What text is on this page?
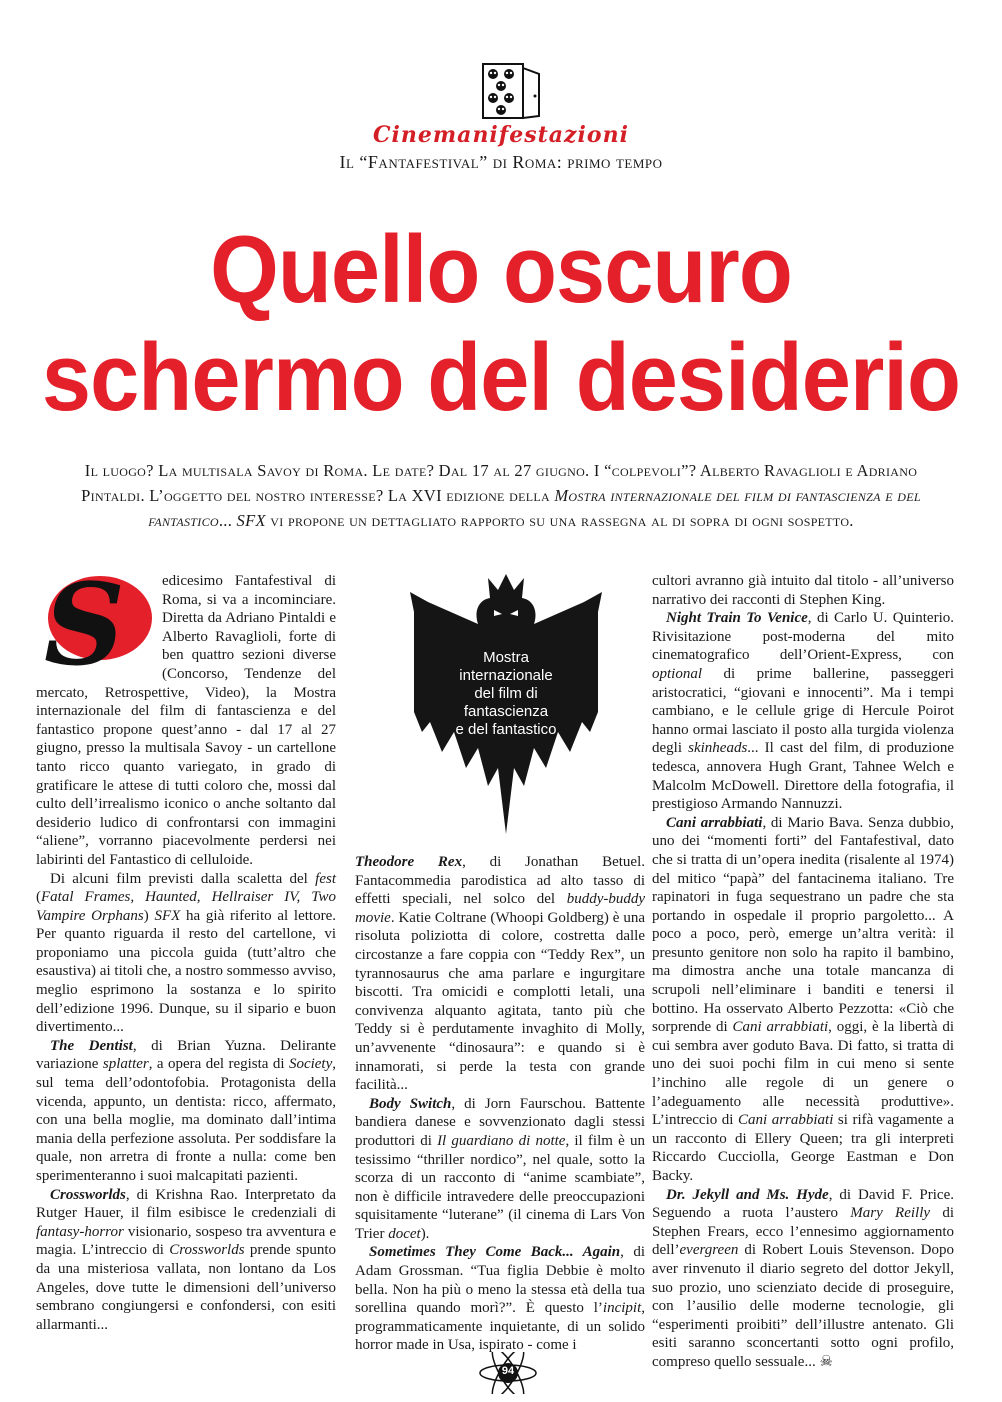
Cinemanifestazioni
Il “Fantafestival” di Roma: primo tempo
Quello oscuro
schermo del desiderio
Il luogo? La multisala Savoy di Roma. Le date? Dal 17 al 27 giugno. I “colpevoli”? Alberto Ravaglioli e Adriano Pintaldi. L’oggetto del nostro interesse? La XVI edizione della Mostra internazionale del film di fantascienza e del fantastico... SFX vi propone un dettagliato rapporto su una rassegna al di sopra di ogni sospetto.
S	edicesimo Fantafestival di Roma, si va a incominciare. Diretta da Adriano Pintaldi e Alberto Ravaglioli, forte di ben quattro sezioni diverse (Concorso, Tendenze del mercato, Retrospettive, Video), la Mostra internazionale del film di fantascienza e del fantastico propone quest’anno - dal 17 al 27 giugno, presso la multisala Savoy - un cartellone tanto ricco quanto variegato, in grado di gratificare le attese di tutti coloro che, mossi dal culto dell’irrealismo iconico o anche soltanto dal desiderio ludico di confrontarsi con immagini “aliene”, vorranno piacevolmente perdersi nei labirinti del Fantastico di celluloide.

Di alcuni film previsti dalla scaletta del fest (Fatal Frames, Haunted, Hellraiser IV, Two Vampire Orphans) SFX ha già riferito al lettore. Per quanto riguarda il resto del cartellone, vi proponiamo una piccola guida (tutt’altro che esaustiva) ai titoli che, a nostro sommesso avviso, meglio esprimono la sostanza e lo spirito dell’edizione 1996. Dunque, su il sipario e buon divertimento...

The Dentist, di Brian Yuzna. Delirante variazione splatter, a opera del regista di Society, sul tema dell’odontofobia. Protagonista della vicenda, appunto, un dentista: ricco, affermato, con una bella moglie, ma dominato dall’intima mania della perfezione assoluta. Per soddisfare la quale, non arretra di fronte a nulla: come ben sperimenteranno i suoi malcapitati pazienti.

Crossworlds, di Krishna Rao. Interpretato da Rutger Hauer, il film esibisce le credenziali di fantasy-horror visionario, sospeso tra avventura e magia. L’intreccio di Crossworlds prende spunto da una misteriosa vallata, non lontano da Los Angeles, dove tutte le dimensioni dell’universo sembrano congiungersi e confondersi, con esiti allarmanti...

Mostra
internazionale
del film di
fantascienza
e del fantastico

Theodore Rex, di Jonathan Betuel. Fantacommedia parodistica ad alto tasso di effetti speciali, nel solco del buddy-buddy movie. Katie Coltrane (Whoopi Goldberg) è una risoluta poliziotta di colore, costretta dalle circostanze a fare coppia con “Teddy Rex”, un tyrannosaurus che ama parlare e ingurgitare biscotti. Tra omicidi e complotti letali, una convivenza alquanto agitata, tanto più che Teddy si è perdutamente invaghito di Molly, un’avvenente “dinosaura”: e quando si è innamorati, si perde la testa con grande facilità...

Body Switch, di Jorn Faurschou. Battente bandiera danese e sovvenzionato dagli stessi produttori di Il guardiano di notte, il film è un tesissimo “thriller nordico”, nel quale, sotto la scorza di un racconto di “anime scambiate”, non è difficile intravedere delle preoccupazioni squisitamente “luterane” (il cinema di Lars Von Trier docet).

Sometimes They Come Back... Again, di Adam Grossman. “Tua figlia Debbie è molto bella. Non ha più o meno la stessa età della tua sorellina quando morì?”. È questo l’incipit, programmaticamente inquietante, di un solido horror made in Usa, ispirato - come i

cultori avranno già intuito dal titolo - all’universo narrativo dei racconti di Stephen King.

Night Train To Venice, di Carlo U. Quinterio. Rivisitazione post-moderna del mito cinematografico dell’Orient-Express, con optional di prime ballerine, passeggeri aristocratici, “giovani e innocenti”. Ma i tempi cambiano, e le cellule grige di Hercule Poirot hanno ormai lasciato il posto alla turgida violenza degli skinheads... Il cast del film, di produzione tedesca, annovera Hugh Grant, Tahnee Welch e Malcolm McDowell. Direttore della fotografia, il prestigioso Armando Nannuzzi.

Cani arrabbiati, di Mario Bava. Senza dubbio, uno dei “momenti forti” del Fantafestival, dato che si tratta di un’opera inedita (risalente al 1974) del mitico “papà” del fantacinema italiano. Tre rapinatori in fuga sequestrano un padre che sta portando in ospedale il proprio pargoletto... A poco a poco, però, emerge un’altra verità: il presunto genitore non solo ha rapito il bambino, ma dimostra anche una totale mancanza di scrupoli nell’eliminare i banditi e tenersi il bottino. Ha osservato Alberto Pezzotta: «Ciò che sorprende di Cani arrabbiati, oggi, è la libertà di cui sembra aver goduto Bava. Di fatto, si tratta di uno dei suoi pochi film in cui meno si sente l’inchino alle regole di un genere o l’adeguamento alle necessità produttive». L’intreccio di Cani arrabbiati si rifà vagamente a un racconto di Ellery Queen; tra gli interpreti Riccardo Cucciolla, George Eastman e Don Backy.

Dr. Jekyll and Ms. Hyde, di David F. Price. Seguendo a ruota l’austero Mary Reilly di Stephen Frears, ecco l’ennesimo aggiornamento dell’evergreen di Robert Louis Stevenson. Dopo aver rinvenuto il diario segreto del dottor Jekyll, suo prozio, uno scienziato decide di proseguire, con l’ausilio delle moderne tecnologie, gli “esperimenti proibiti” dell’illustre antenato. Gli esiti saranno sconcertanti sotto ogni profilo, compreso quello sessuale... ☠

94
